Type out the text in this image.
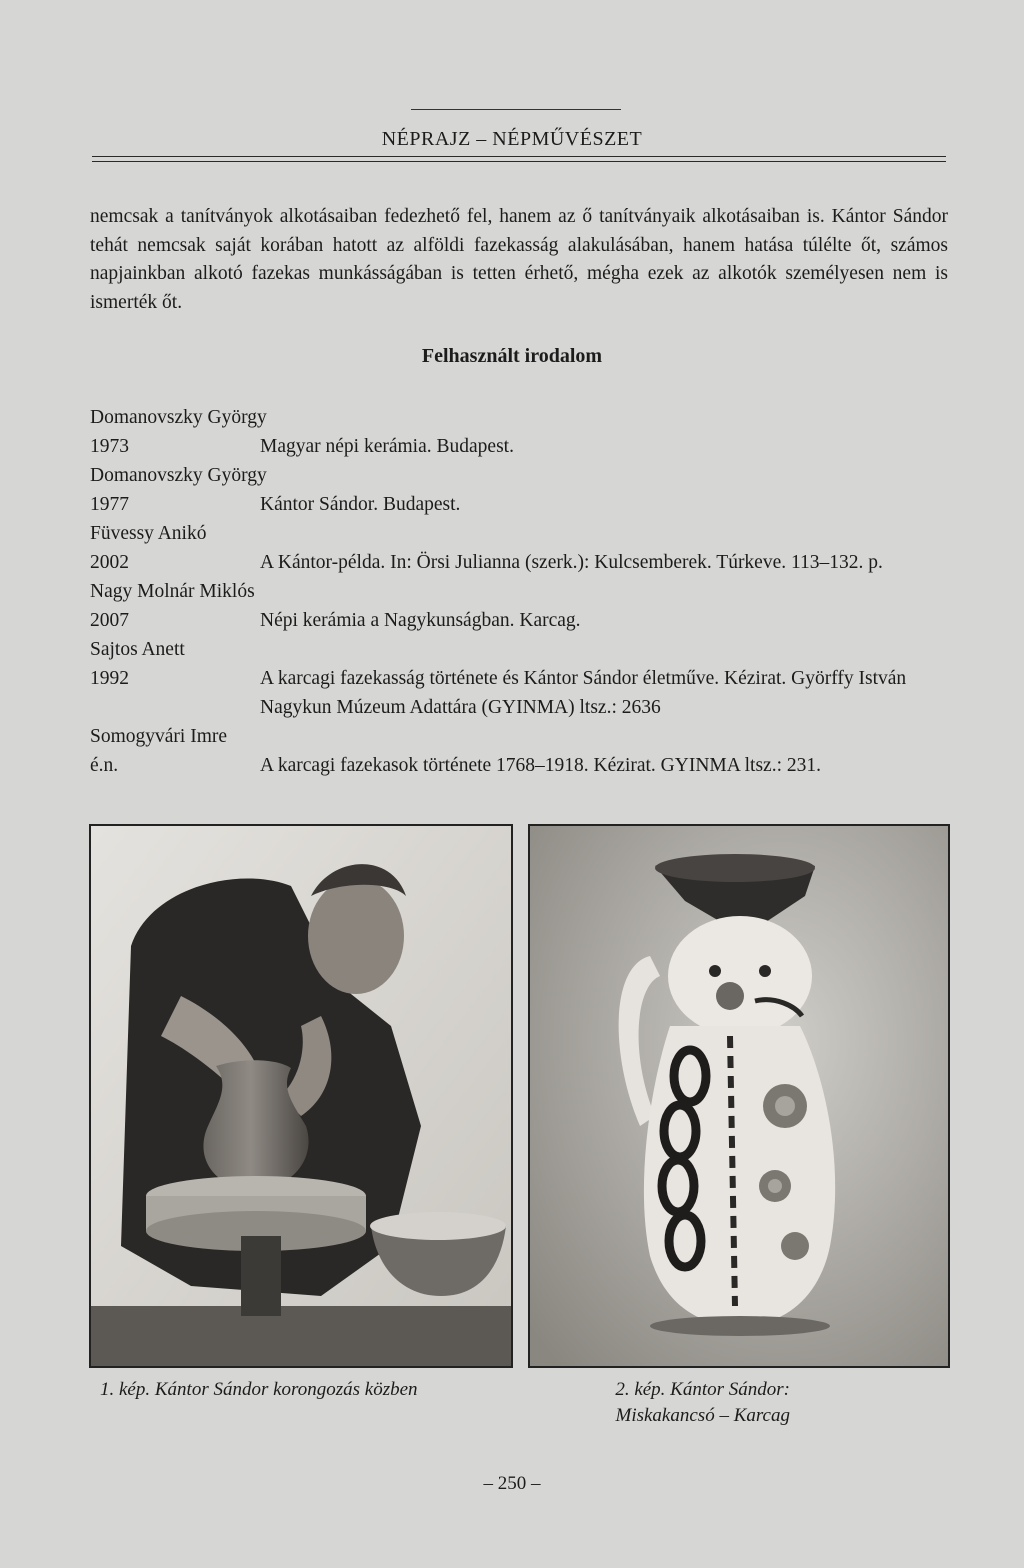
NÉPRAJZ – NÉPMŰVÉSZET
nemcsak a tanítványok alkotásaiban fedezhető fel, hanem az ő tanítványaik alkotásaiban is. Kántor Sándor tehát nemcsak saját korában hatott az alföldi fazekasság alakulásában, hanem hatása túlélte őt, számos napjainkban alkotó fazekas munkásságában is tetten érhető, mégha ezek az alkotók személyesen nem is ismerték őt.
Felhasznált irodalom
Domanovszky György
1973	Magyar népi kerámia. Budapest.
Domanovszky György
1977	Kántor Sándor. Budapest.
Füvessy Anikó
2002	A Kántor-példa. In: Örsi Julianna (szerk.): Kulcsemberek. Túrkeve. 113–132. p.
Nagy Molnár Miklós
2007	Népi kerámia a Nagykunságban. Karcag.
Sajtos Anett
1992	A karcagi fazekasság története és Kántor Sándor életműve. Kézirat. Györffy István Nagykun Múzeum Adattára (GYINMA) ltsz.: 2636
Somogyvári Imre
é.n.	A karcagi fazekasok története 1768–1918. Kézirat. GYINMA ltsz.: 231.
1. kép. Kántor Sándor korongozás közben	2. kép. Kántor Sándor: Miskakancsó – Karcag
– 250 –
